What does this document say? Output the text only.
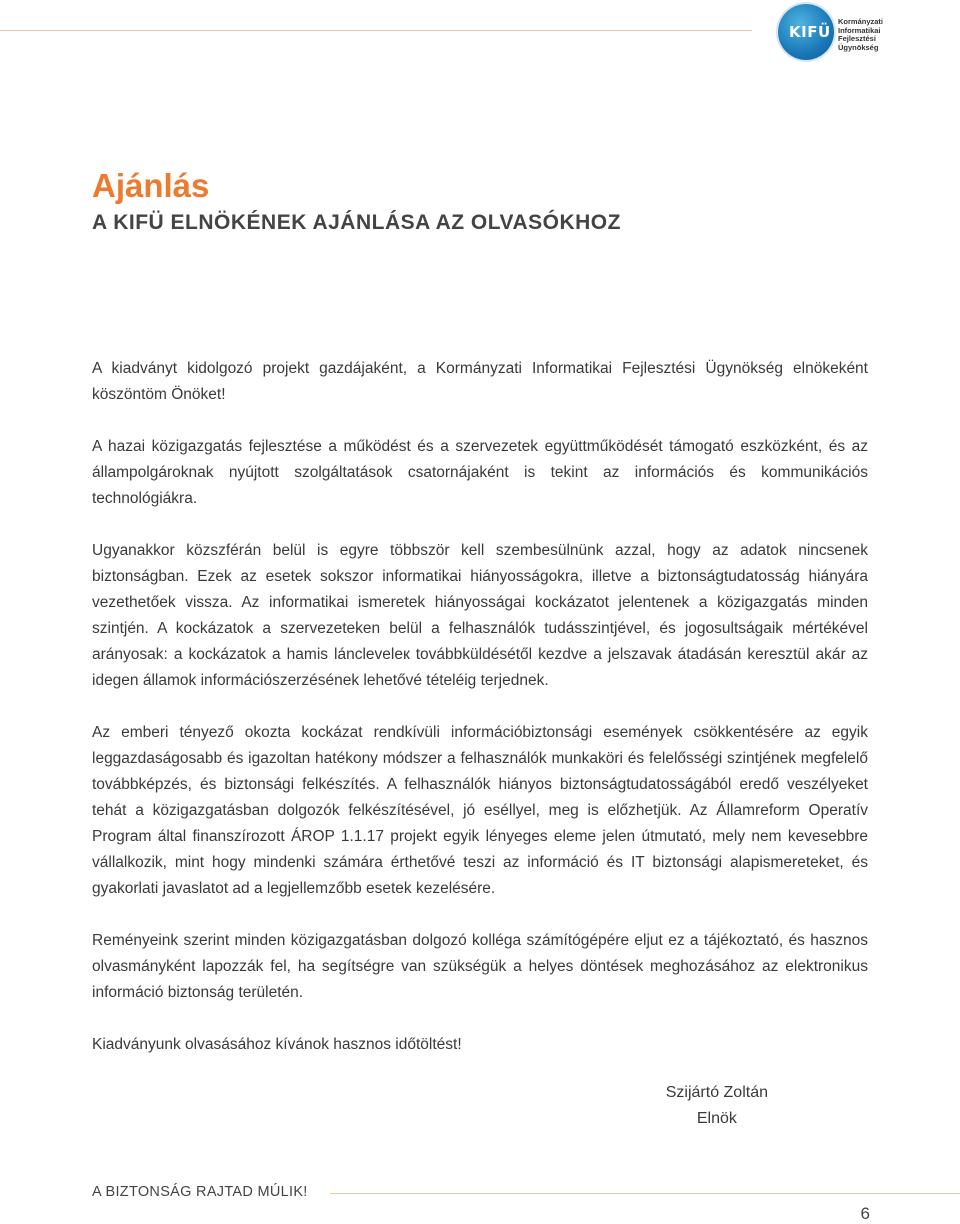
KIFÜ
Kormányzati
Informatikai
Fejlesztési
Ügynökség
Ajánlás
A KIFÜ ELNÖKÉNEK AJÁNLÁSA AZ OLVASÓKHOZ

A kiadványt kidolgozó projekt gazdájaként, a Kormányzati Informatikai Fejlesztési Ügynökség elnökeként köszöntöm Önöket!

A hazai közigazgatás fejlesztése a működést és a szervezetek együttműködését támogató eszközként, és az állampolgároknak nyújtott szolgáltatások csatornájaként is tekint az információs és kommunikációs technológiákra.

Ugyanakkor közszférán belül is egyre többször kell szembesülnünk azzal, hogy az adatok nincsenek biztonságban. Ezek az esetek sokszor informatikai hiányosságokra, illetve a biztonságtudatosság hiányára vezethetőek vissza. Az informatikai ismeretek hiányosságai kockázatot jelentenek a közigazgatás minden szintjén. A kockázatok a szervezeteken belül a felhasználók tudásszintjével, és jogosultságaik mértékével arányosak: a kockázatok a hamis láncleveleк továbbküldésétől kezdve a jelszavak átadásán keresztül akár az idegen államok információszerzésének lehetővé tételéig terjednek.

Az emberi tényező okozta kockázat rendkívüli információbiztonsági események csökkentésére az egyik leggazdaságosabb és igazoltan hatékony módszer a felhasználók munkaköri és felelősségi szintjének megfelelő továbbképzés, és biztonsági felkészítés. A felhasználók hiányos biztonságtudatosságából eredő veszélyeket tehát a közigazgatásban dolgozók felkészítésével, jó eséllyel, meg is előzhetjük. Az Államreform Operatív Program által finanszírozott ÁROP 1.1.17 projekt egyik lényeges eleme jelen útmutató, mely nem kevesebbre vállalkozik, mint hogy mindenki számára érthetővé teszi az információ és IT biztonsági alapismereteket, és gyakorlati javaslatot ad a legjellemzőbb esetek kezelésére.

Reményeink szerint minden közigazgatásban dolgozó kolléga számítógépére eljut ez a tájékoztató, és hasznos olvasmányként lapozzák fel, ha segítségre van szükségük a helyes döntések meghozásához az elektronikus információ biztonság területén.

Kiadványunk olvasásához kívánok hasznos időtöltést!

Szijártó Zoltán
Elnök
A BIZTONSÁG RAJTAD MÚLIK!
6
